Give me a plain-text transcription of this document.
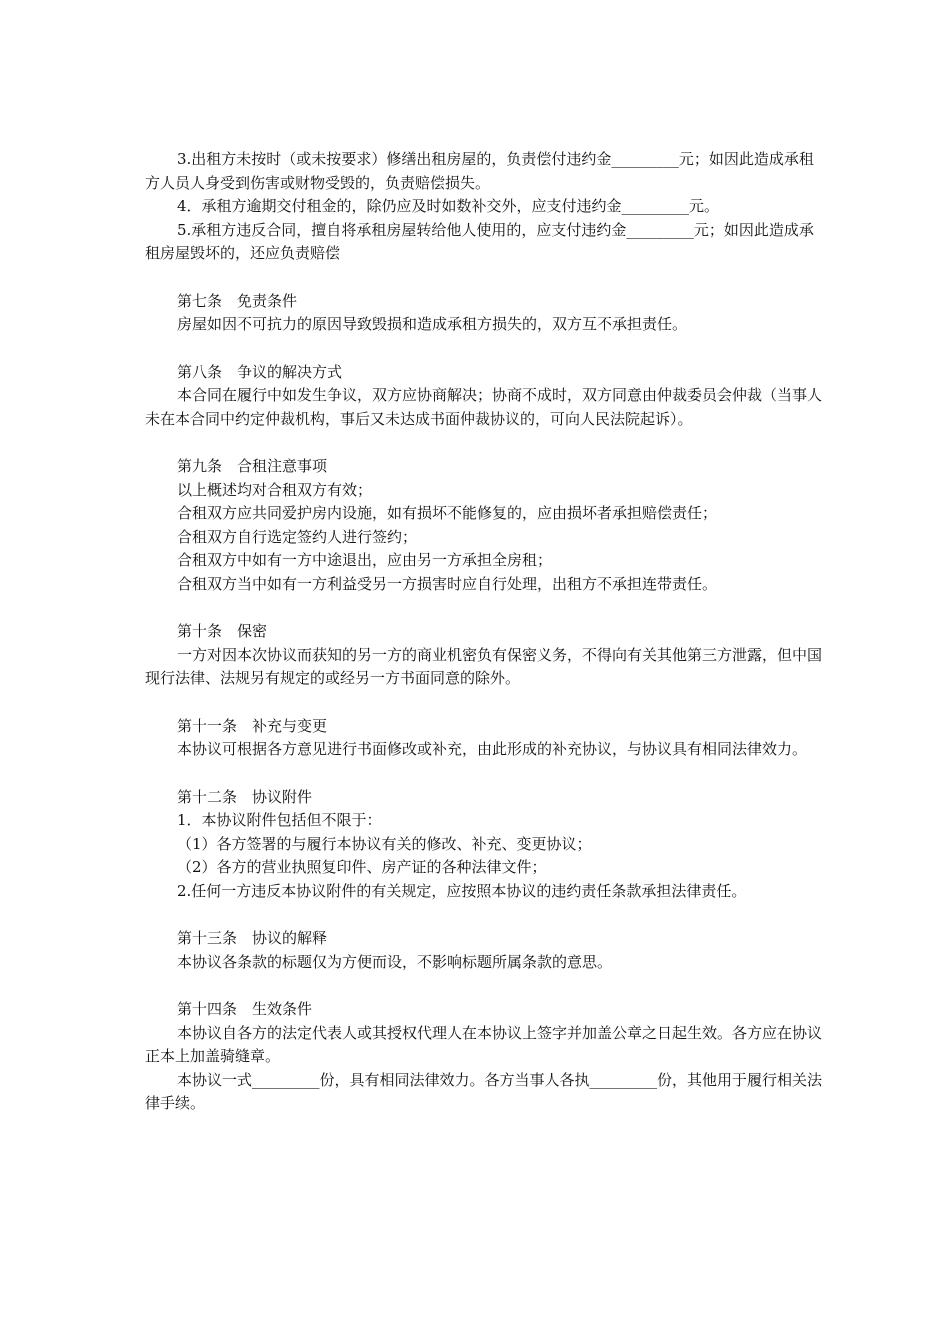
3.出租方未按时（或未按要求）修缮出租房屋的，负责偿付违约金_________元；如因此造成承租方人员人身受到伤害或财物受毁的，负责赔偿损失。

4．承租方逾期交付租金的，除仍应及时如数补交外，应支付违约金_________元。

5.承租方违反合同，擅自将承租房屋转给他人使用的，应支付违约金_________元；如因此造成承租房屋毁坏的，还应负责赔偿

第七条　免责条件

房屋如因不可抗力的原因导致毁损和造成承租方损失的，双方互不承担责任。

第八条　争议的解决方式

本合同在履行中如发生争议，双方应协商解决；协商不成时，双方同意由仲裁委员会仲裁（当事人未在本合同中约定仲裁机构，事后又未达成书面仲裁协议的，可向人民法院起诉）。

第九条　合租注意事项

以上概述均对合租双方有效；

合租双方应共同爱护房内设施，如有损坏不能修复的，应由损坏者承担赔偿责任；

合租双方自行选定签约人进行签约；

合租双方中如有一方中途退出，应由另一方承担全房租；

合租双方当中如有一方利益受另一方损害时应自行处理，出租方不承担连带责任。

第十条　保密

一方对因本次协议而获知的另一方的商业机密负有保密义务，不得向有关其他第三方泄露，但中国现行法律、法规另有规定的或经另一方书面同意的除外。

第十一条　补充与变更

本协议可根据各方意见进行书面修改或补充，由此形成的补充协议，与协议具有相同法律效力。

第十二条　协议附件

1．本协议附件包括但不限于：

（1）各方签署的与履行本协议有关的修改、补充、变更协议；

（2）各方的营业执照复印件、房产证的各种法律文件；

2.任何一方违反本协议附件的有关规定，应按照本协议的违约责任条款承担法律责任。

第十三条　协议的解释

本协议各条款的标题仅为方便而设，不影响标题所属条款的意思。

第十四条　生效条件

本协议自各方的法定代表人或其授权代理人在本协议上签字并加盖公章之日起生效。各方应在协议正本上加盖骑缝章。

本协议一式_________份，具有相同法律效力。各方当事人各执_________份，其他用于履行相关法律手续。
